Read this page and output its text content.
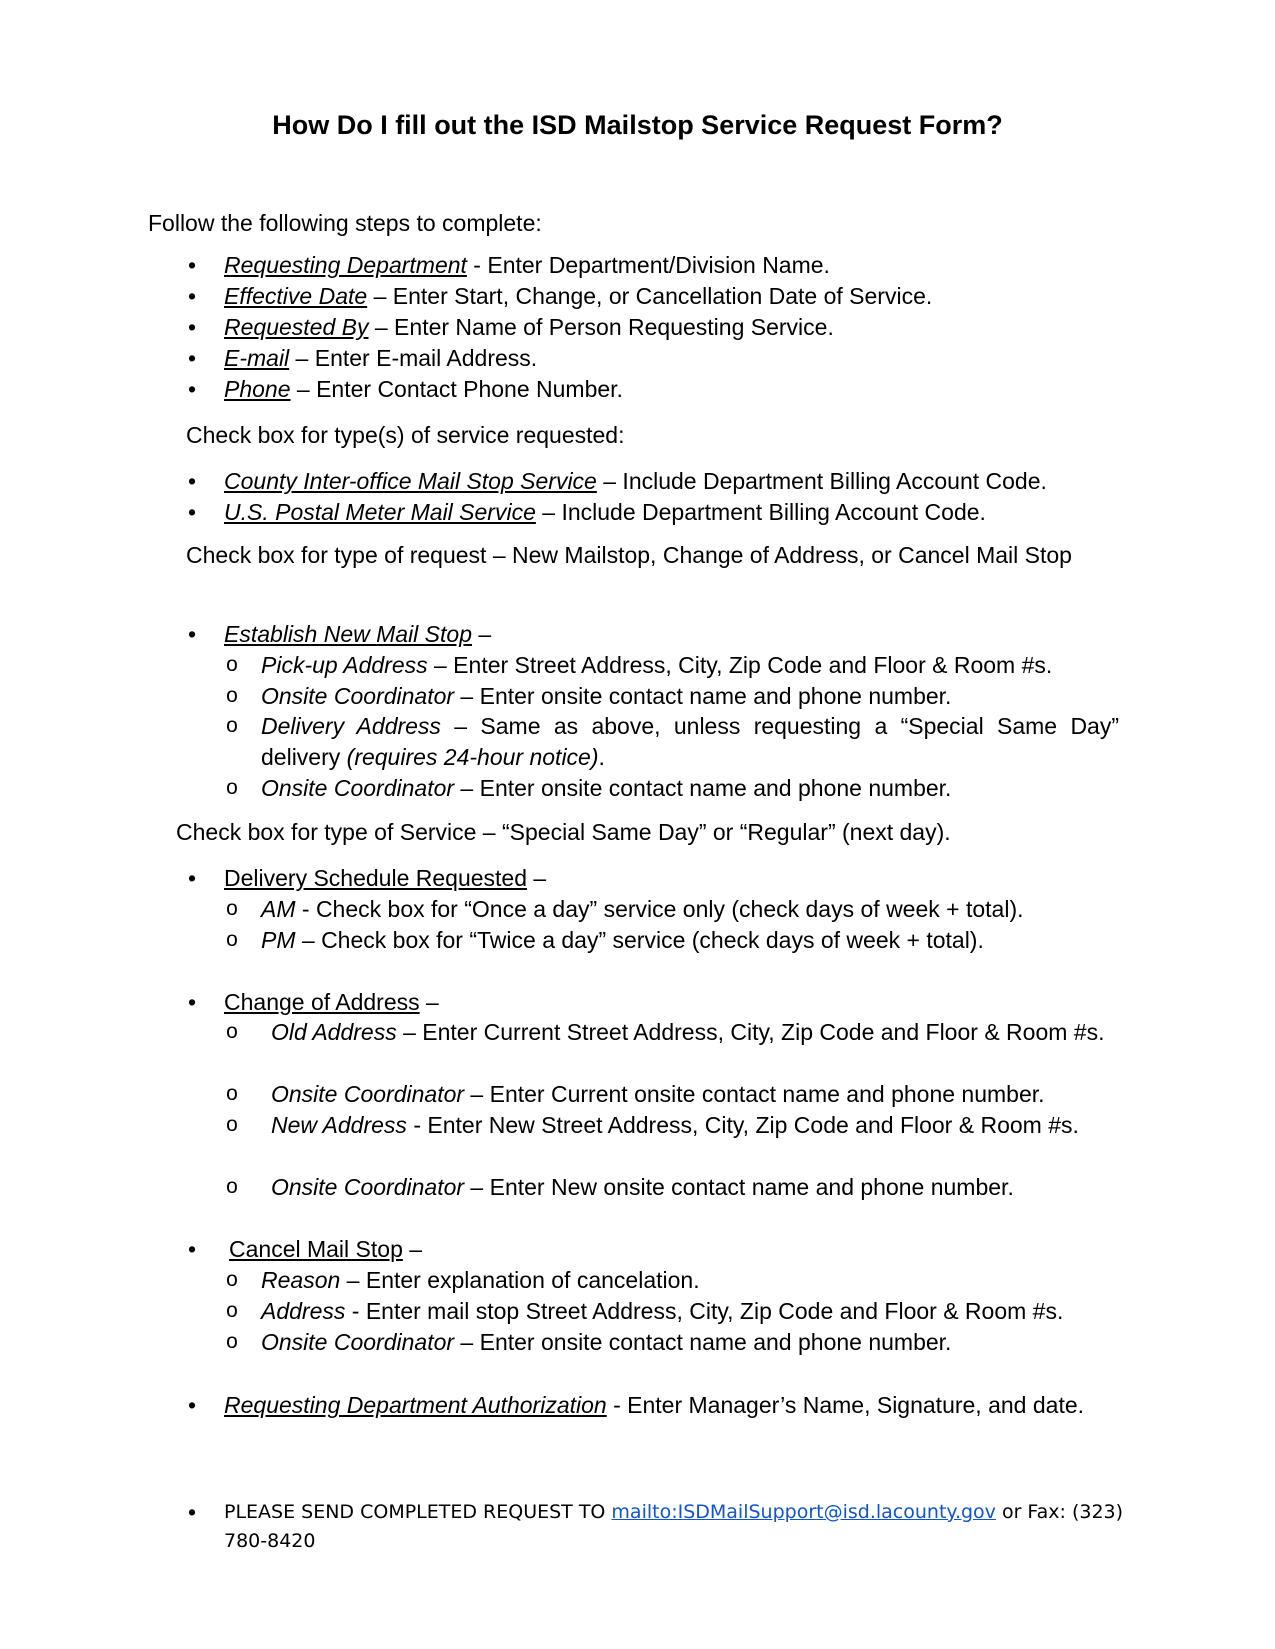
How Do I fill out the ISD Mailstop Service Request Form?
Follow the following steps to complete:
• Requesting Department - Enter Department/Division Name.
• Effective Date – Enter Start, Change, or Cancellation Date of Service.
• Requested By – Enter Name of Person Requesting Service.
• E-mail – Enter E-mail Address.
• Phone – Enter Contact Phone Number.
Check box for type(s) of service requested:
• County Inter-office Mail Stop Service – Include Department Billing Account Code.
• U.S. Postal Meter Mail Service – Include Department Billing Account Code.
Check box for type of request – New Mailstop, Change of Address, or Cancel Mail Stop
• Establish New Mail Stop –
o Pick-up Address – Enter Street Address, City, Zip Code and Floor & Room #s.
o Onsite Coordinator – Enter onsite contact name and phone number.
o Delivery Address – Same as above, unless requesting a “Special Same Day” delivery (requires 24-hour notice).
o Onsite Coordinator – Enter onsite contact name and phone number.
Check box for type of Service – “Special Same Day” or “Regular” (next day).
• Delivery Schedule Requested –
o AM - Check box for “Once a day” service only (check days of week + total).
o PM – Check box for “Twice a day” service (check days of week + total).
• Change of Address –
o Old Address – Enter Current Street Address, City, Zip Code and Floor & Room #s.
o Onsite Coordinator – Enter Current onsite contact name and phone number.
o New Address - Enter New Street Address, City, Zip Code and Floor & Room #s.
o Onsite Coordinator – Enter New onsite contact name and phone number.
• Cancel Mail Stop –
o Reason – Enter explanation of cancelation.
o Address - Enter mail stop Street Address, City, Zip Code and Floor & Room #s.
o Onsite Coordinator – Enter onsite contact name and phone number.
• Requesting Department Authorization - Enter Manager’s Name, Signature, and date.
• PLEASE SEND COMPLETED REQUEST TO mailto:ISDMailSupport@isd.lacounty.gov or Fax: (323) 780-8420
